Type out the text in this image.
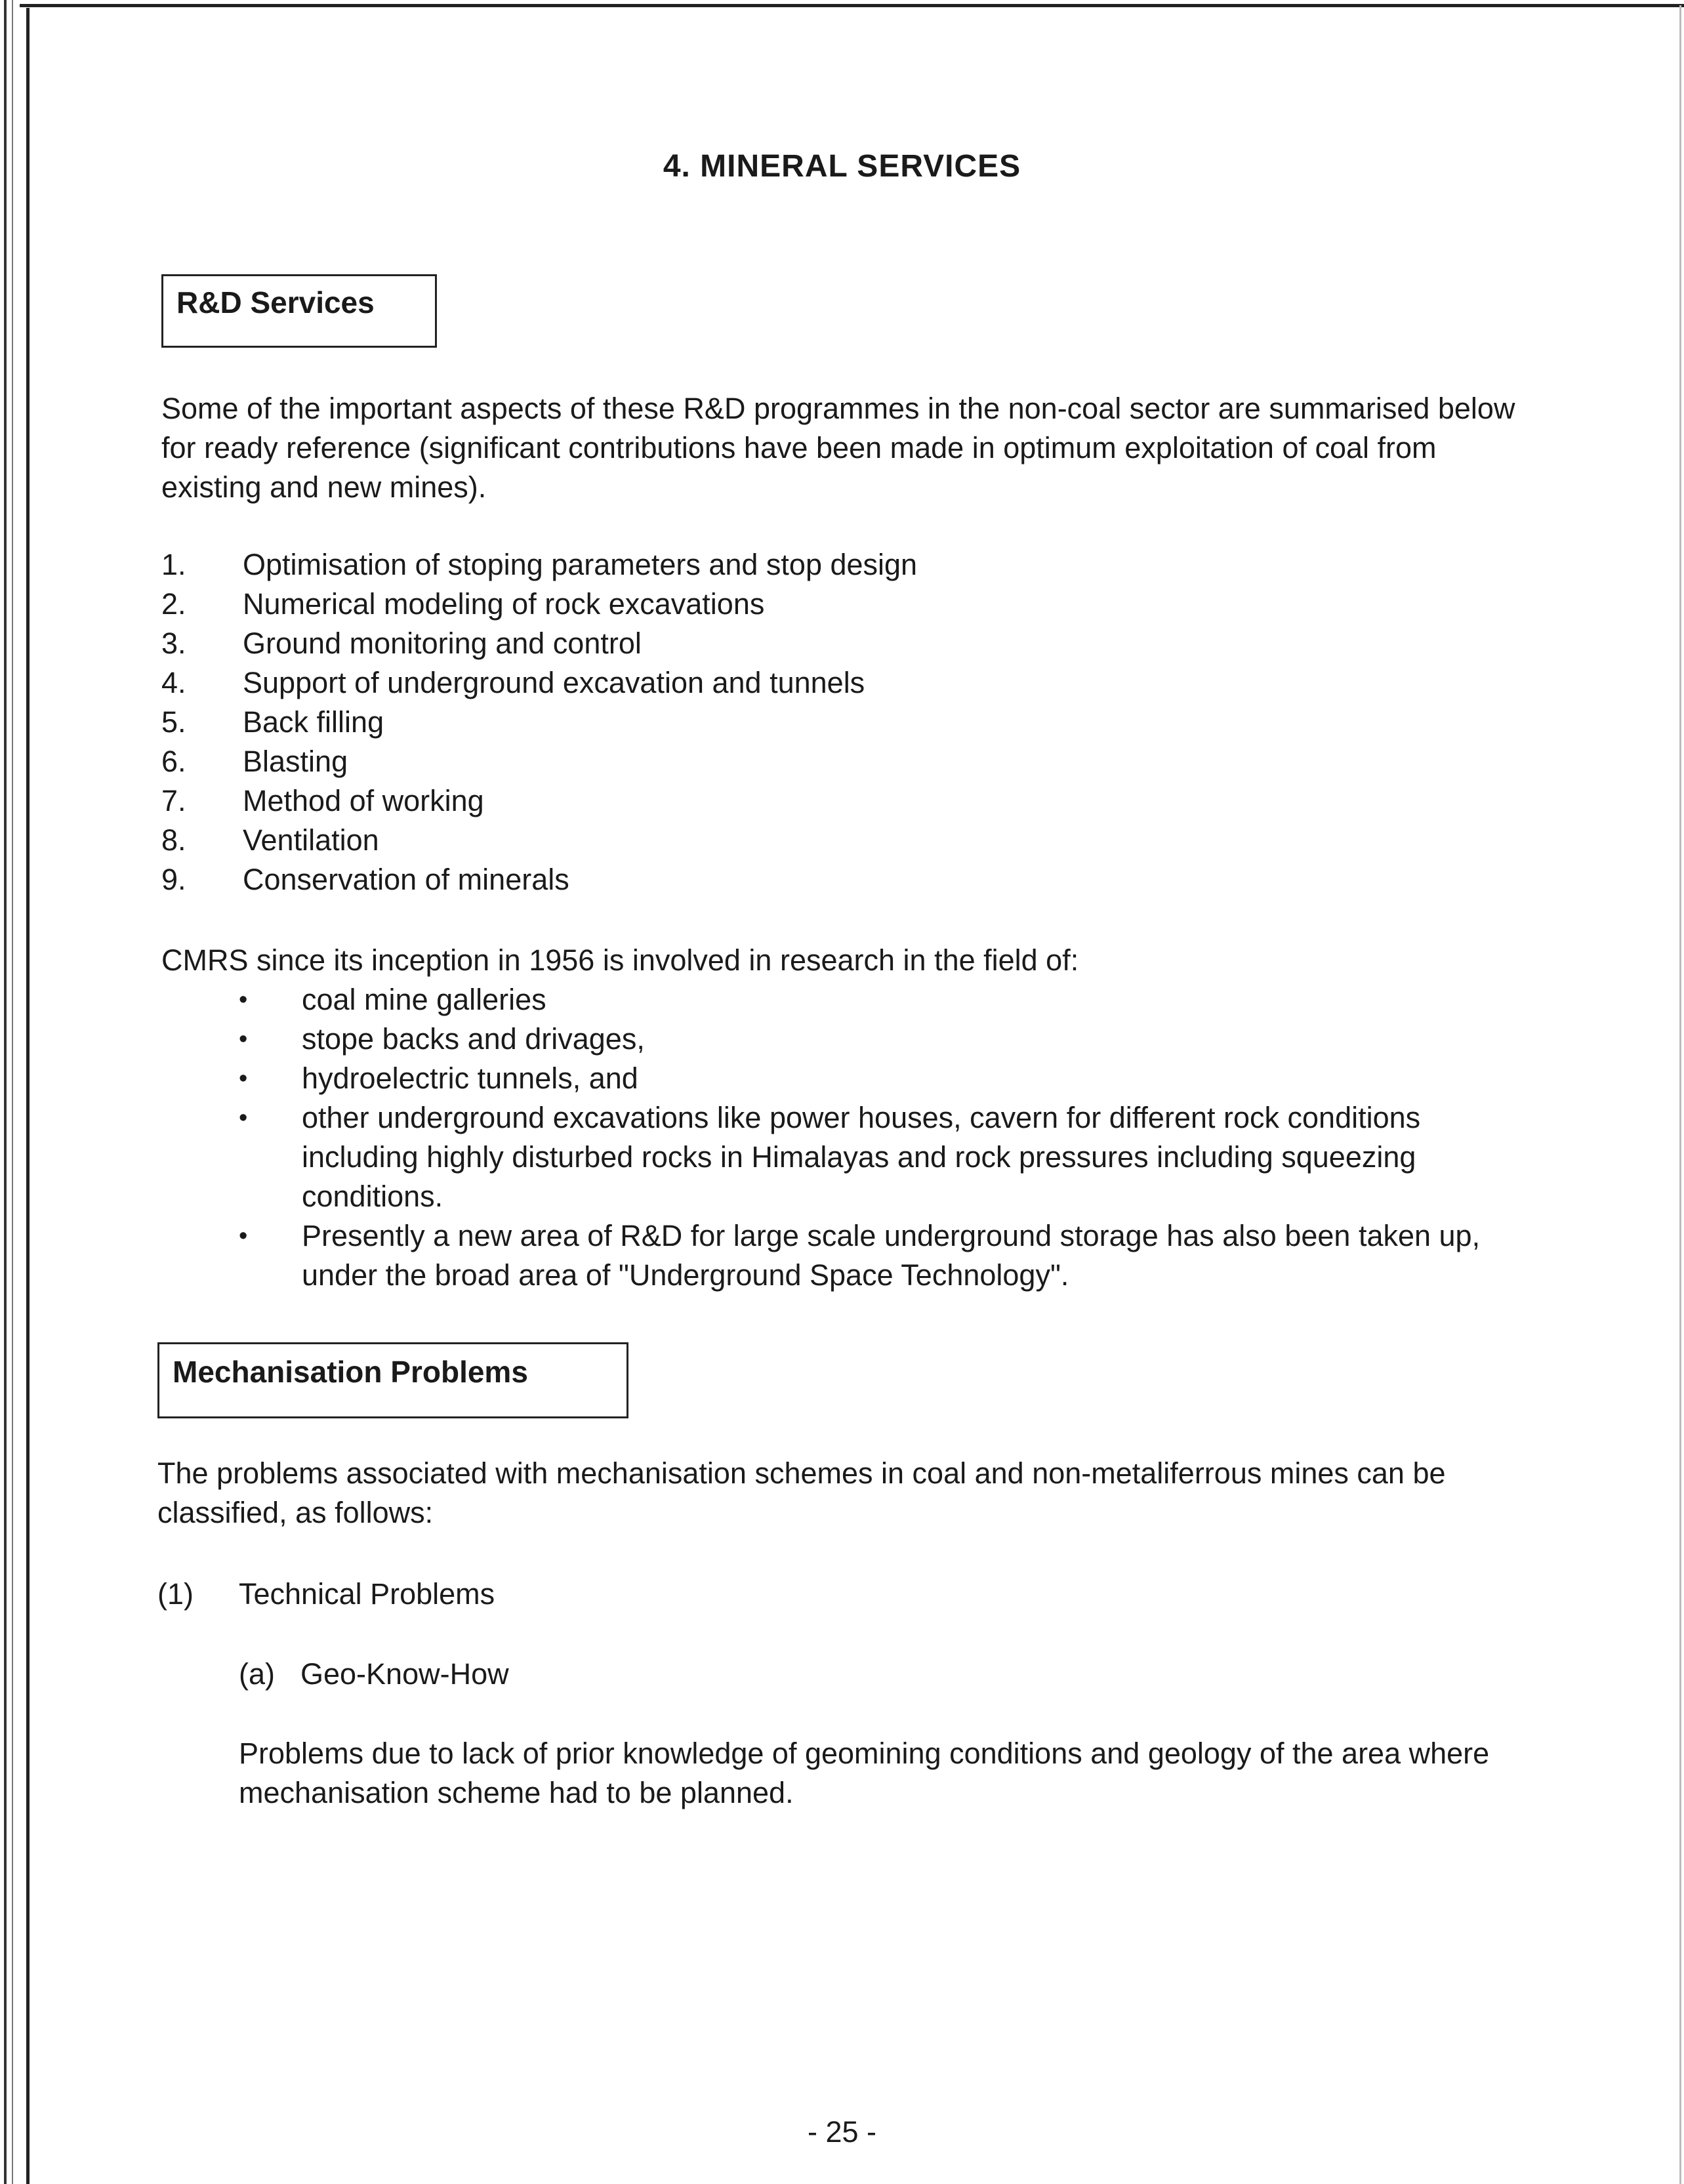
4. MINERAL SERVICES
R&D Services
Some of the important aspects of these R&D programmes in the non-coal sector are summarised below for ready reference (significant contributions have been made in optimum exploitation of coal from existing and new mines).
1.	Optimisation of stoping parameters and stop design
2.	Numerical modeling of rock excavations
3.	Ground monitoring and control
4.	Support of underground excavation and tunnels
5.	Back filling
6.	Blasting
7.	Method of working
8.	Ventilation
9.	Conservation of minerals
CMRS since its inception in 1956 is involved in research in the field of:
•	coal mine galleries
•	stope backs and drivages,
•	hydroelectric tunnels, and
•	other underground excavations like power houses, cavern for different rock conditions including highly disturbed rocks in Himalayas and rock pressures including squeezing conditions.
•	Presently a new area of R&D for large scale underground storage has also been taken up, under the broad area of "Underground Space Technology".
Mechanisation Problems
The problems associated with mechanisation schemes in coal and non-metaliferrous mines can be classified, as follows:
(1) Technical Problems
(a) Geo-Know-How
Problems due to lack of prior knowledge of geomining conditions and geology of the area where mechanisation scheme had to be planned.
- 25 -
